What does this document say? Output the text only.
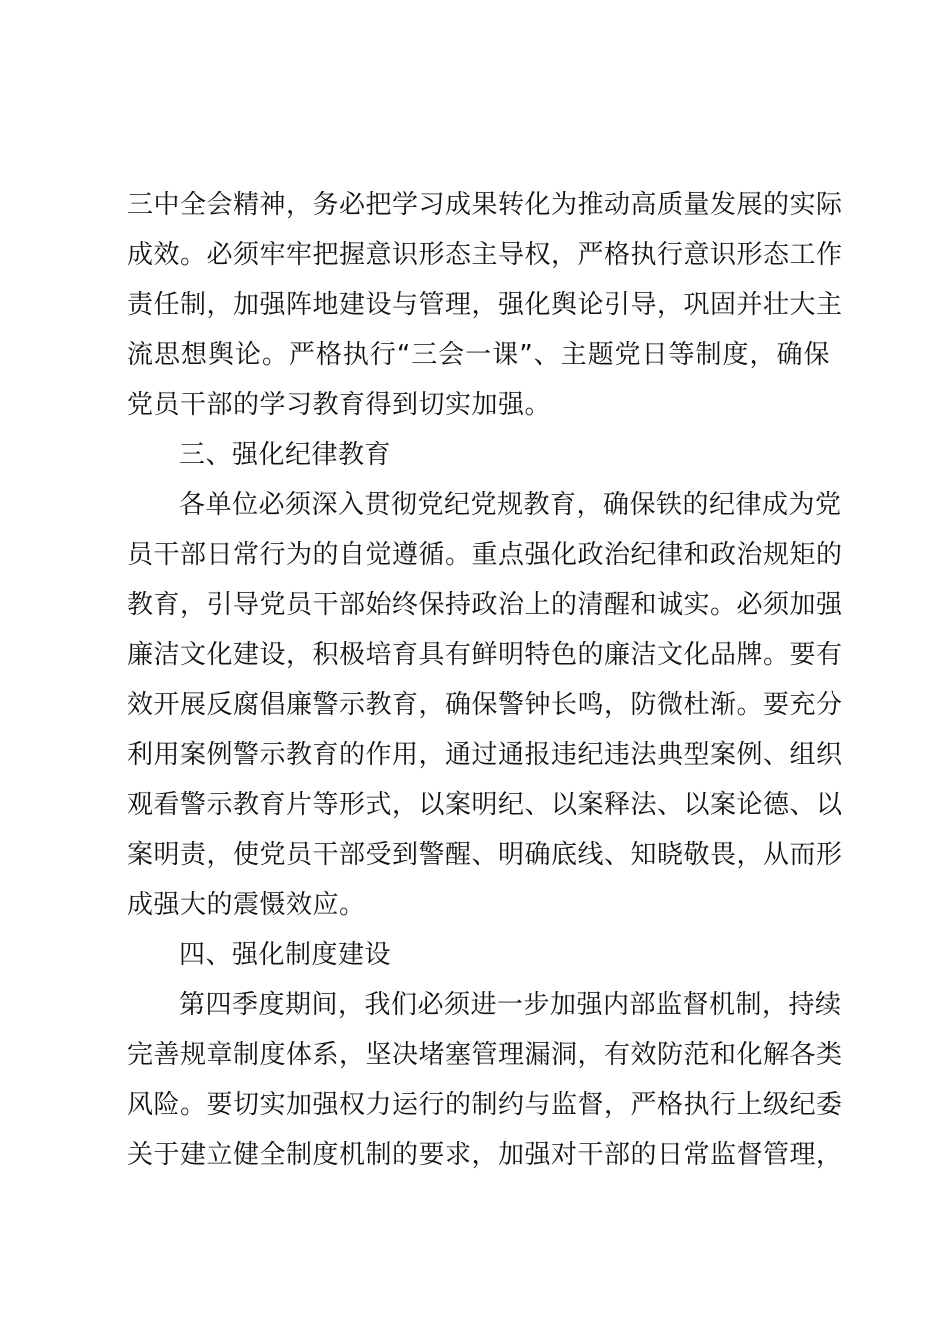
三中全会精神，务必把学习成果转化为推动高质量发展的实际
成效。必须牢牢把握意识形态主导权，严格执行意识形态工作
责任制，加强阵地建设与管理，强化舆论引导，巩固并壮大主
流思想舆论。严格执行“三会一课”、主题党日等制度，确保
党员干部的学习教育得到切实加强。
三、强化纪律教育
各单位必须深入贯彻党纪党规教育，确保铁的纪律成为党
员干部日常行为的自觉遵循。重点强化政治纪律和政治规矩的
教育，引导党员干部始终保持政治上的清醒和诚实。必须加强
廉洁文化建设，积极培育具有鲜明特色的廉洁文化品牌。要有
效开展反腐倡廉警示教育，确保警钟长鸣，防微杜渐。要充分
利用案例警示教育的作用，通过通报违纪违法典型案例、组织
观看警示教育片等形式，以案明纪、以案释法、以案论德、以
案明责，使党员干部受到警醒、明确底线、知晓敬畏，从而形
成强大的震慑效应。
四、强化制度建设
第四季度期间，我们必须进一步加强内部监督机制，持续
完善规章制度体系，坚决堵塞管理漏洞，有效防范和化解各类
风险。要切实加强权力运行的制约与监督，严格执行上级纪委
关于建立健全制度机制的要求，加强对干部的日常监督管理，
